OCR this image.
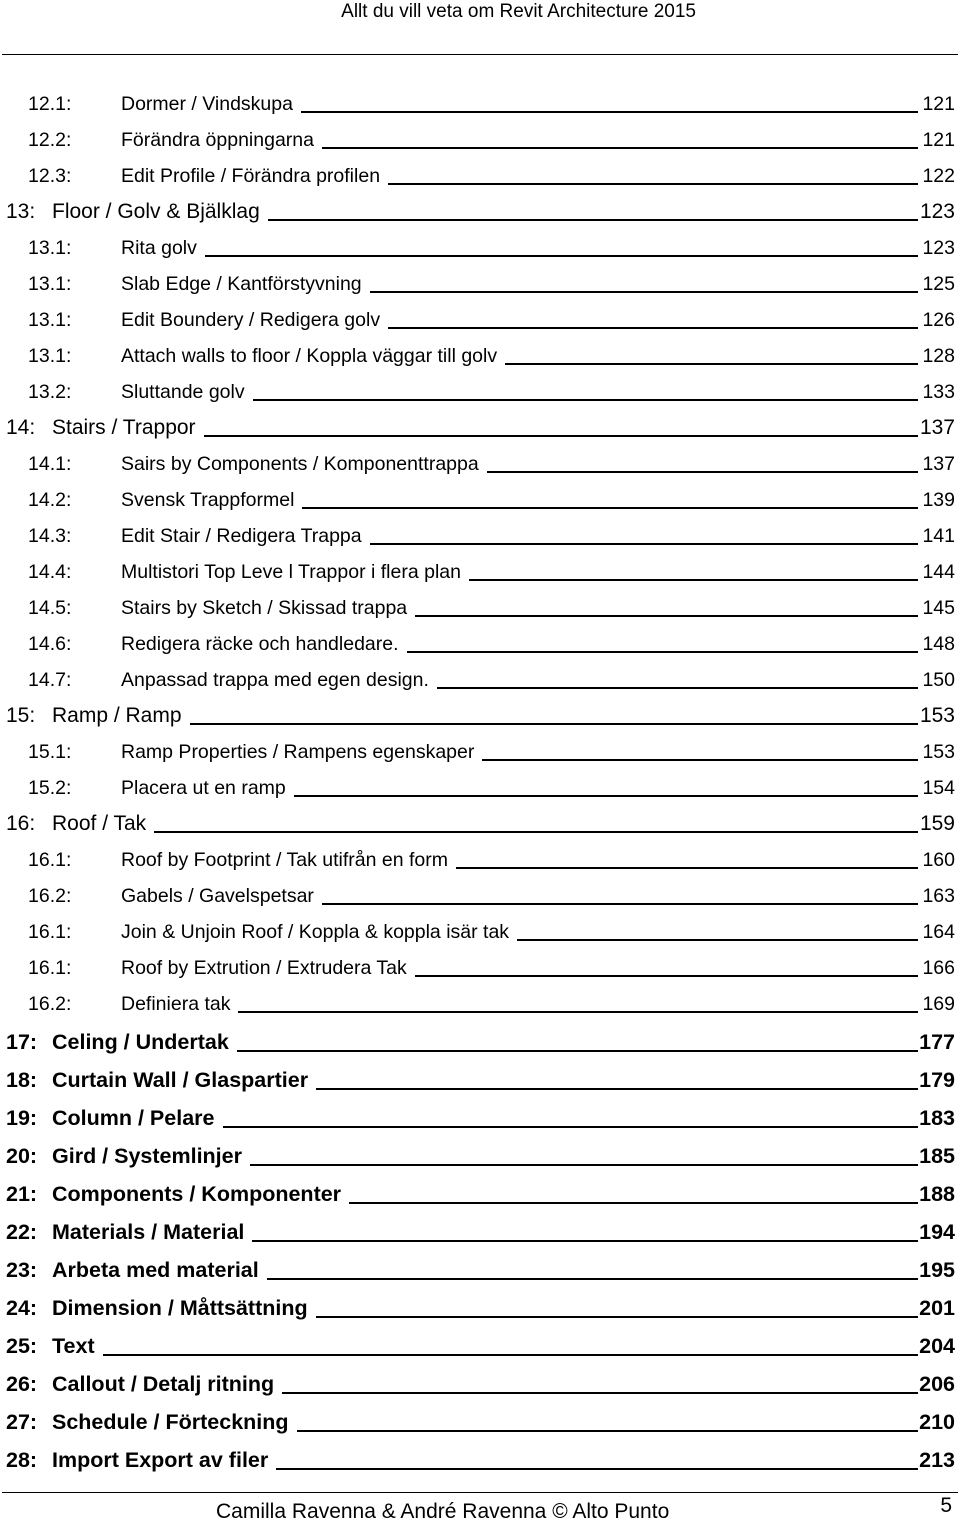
Allt du vill veta om Revit Architecture 2015
12.1:	Dormer / Vindskupa	121
12.2:	Förändra öppningarna	121
12.3:	Edit Profile / Förändra profilen	122
13: Floor / Golv & Bjälklag	123
13.1:	Rita golv	123
13.1:	Slab Edge / Kantförstyvning	125
13.1:	Edit Boundery / Redigera golv	126
13.1:	Attach walls to floor / Koppla väggar till golv	128
13.2:	Sluttande golv	133
14: Stairs / Trappor	137
14.1:	Sairs by Components / Komponenttrappa	137
14.2:	Svensk Trappformel	139
14.3:	Edit Stair / Redigera Trappa	141
14.4:	Multistori Top Leve l Trappor i flera plan	144
14.5:	Stairs by Sketch / Skissad trappa	145
14.6:	Redigera räcke och handledare.	148
14.7:	Anpassad trappa med egen design.	150
15: Ramp / Ramp	153
15.1:	Ramp Properties / Rampens egenskaper	153
15.2:	Placera ut en ramp	154
16: Roof / Tak	159
16.1:	Roof by Footprint / Tak utifrån en form	160
16.2:	Gabels / Gavelspetsar	163
16.1:	Join & Unjoin Roof / Koppla & koppla isär tak	164
16.1:	Roof by Extrution / Extrudera Tak	166
16.2:	Definiera tak	169
17: Celing / Undertak	177
18: Curtain Wall / Glaspartier	179
19: Column / Pelare	183
20: Gird / Systemlinjer	185
21: Components / Komponenter	188
22: Materials / Material	194
23: Arbeta med material	195
24: Dimension / Måttsättning	201
25: Text	204
26: Callout / Detalj ritning	206
27: Schedule / Förteckning	210
28: Import Export av filer	213
Camilla Ravenna & André Ravenna © Alto Punto	5
